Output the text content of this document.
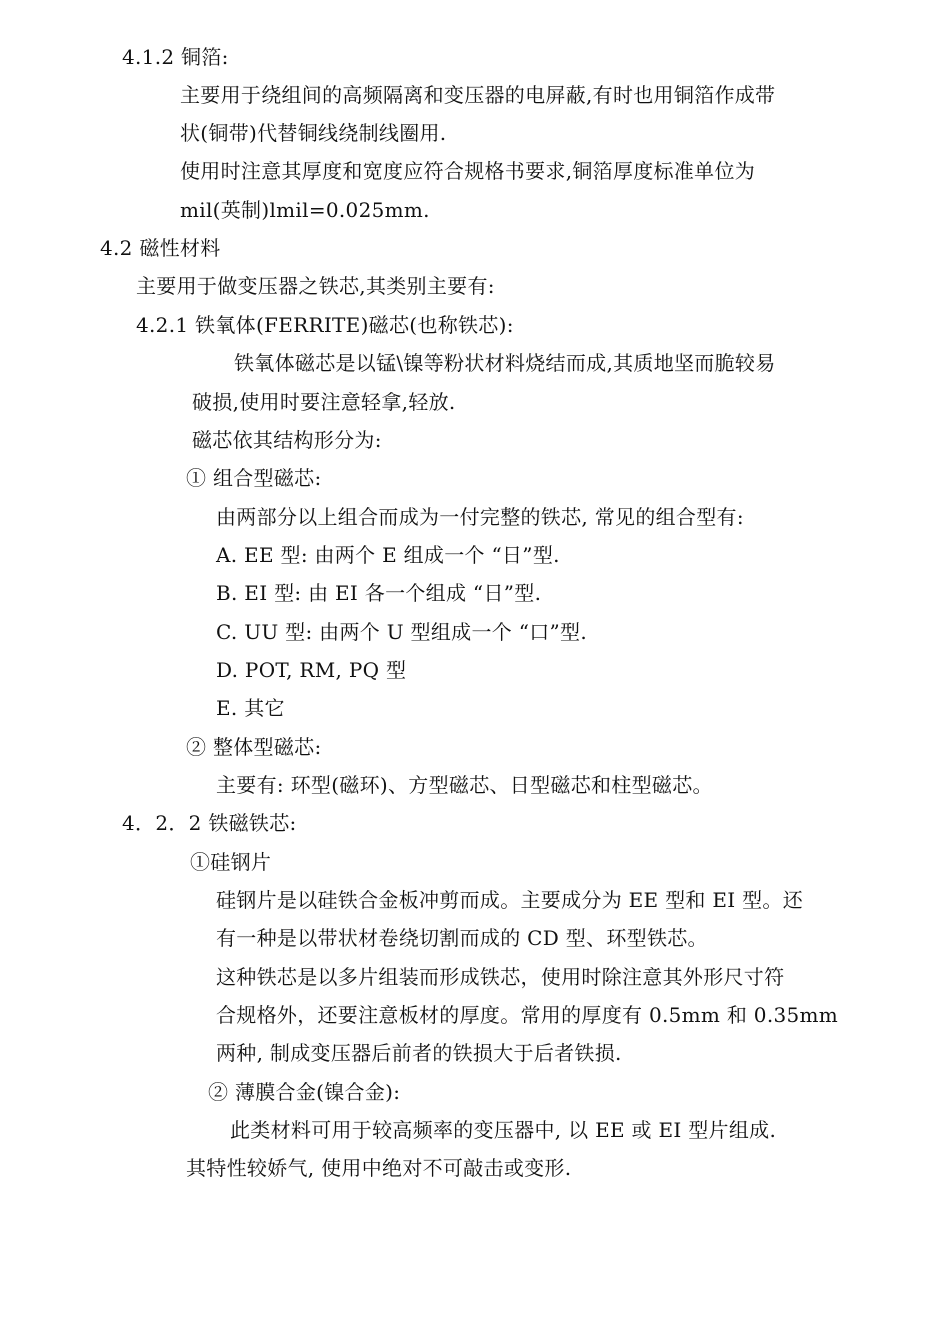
4.1.2 铜箔:
主要用于绕组间的高频隔离和变压器的电屏蔽,有时也用铜箔作成带
状(铜带)代替铜线绕制线圈用.
使用时注意其厚度和宽度应符合规格书要求,铜箔厚度标准单位为
mil(英制)lmil=0.025mm.
4.2 磁性材料
主要用于做变压器之铁芯,其类别主要有:
4.2.1 铁氧体(FERRITE)磁芯(也称铁芯):
铁氧体磁芯是以锰\镍等粉状材料烧结而成,其质地坚而脆较易
破损,使用时要注意轻拿,轻放.
磁芯依其结构形分为:
① 组合型磁芯:
由两部分以上组合而成为一付完整的铁芯, 常见的组合型有:
A. EE 型: 由两个 E 组成一个 “日”型.
B. EI 型: 由 EI 各一个组成 “日”型.
C. UU 型: 由两个 U 型组成一个 “口”型.
D. POT, RM, PQ 型
E. 其它
② 整体型磁芯:
主要有: 环型(磁环)、方型磁芯、日型磁芯和柱型磁芯。
4．2．2 铁磁铁芯:
①硅钢片
硅钢片是以硅铁合金板冲剪而成。主要成分为 EE 型和 EI 型。还
有一种是以带状材卷绕切割而成的 CD 型、环型铁芯。
这种铁芯是以多片组装而形成铁芯，使用时除注意其外形尺寸符
合规格外，还要注意板材的厚度。常用的厚度有 0.5mm 和 0.35mm
两种, 制成变压器后前者的铁损大于后者铁损.
② 薄膜合金(镍合金):
此类材料可用于较高频率的变压器中, 以 EE 或 EI 型片组成.
其特性较娇气, 使用中绝对不可敲击或变形.
